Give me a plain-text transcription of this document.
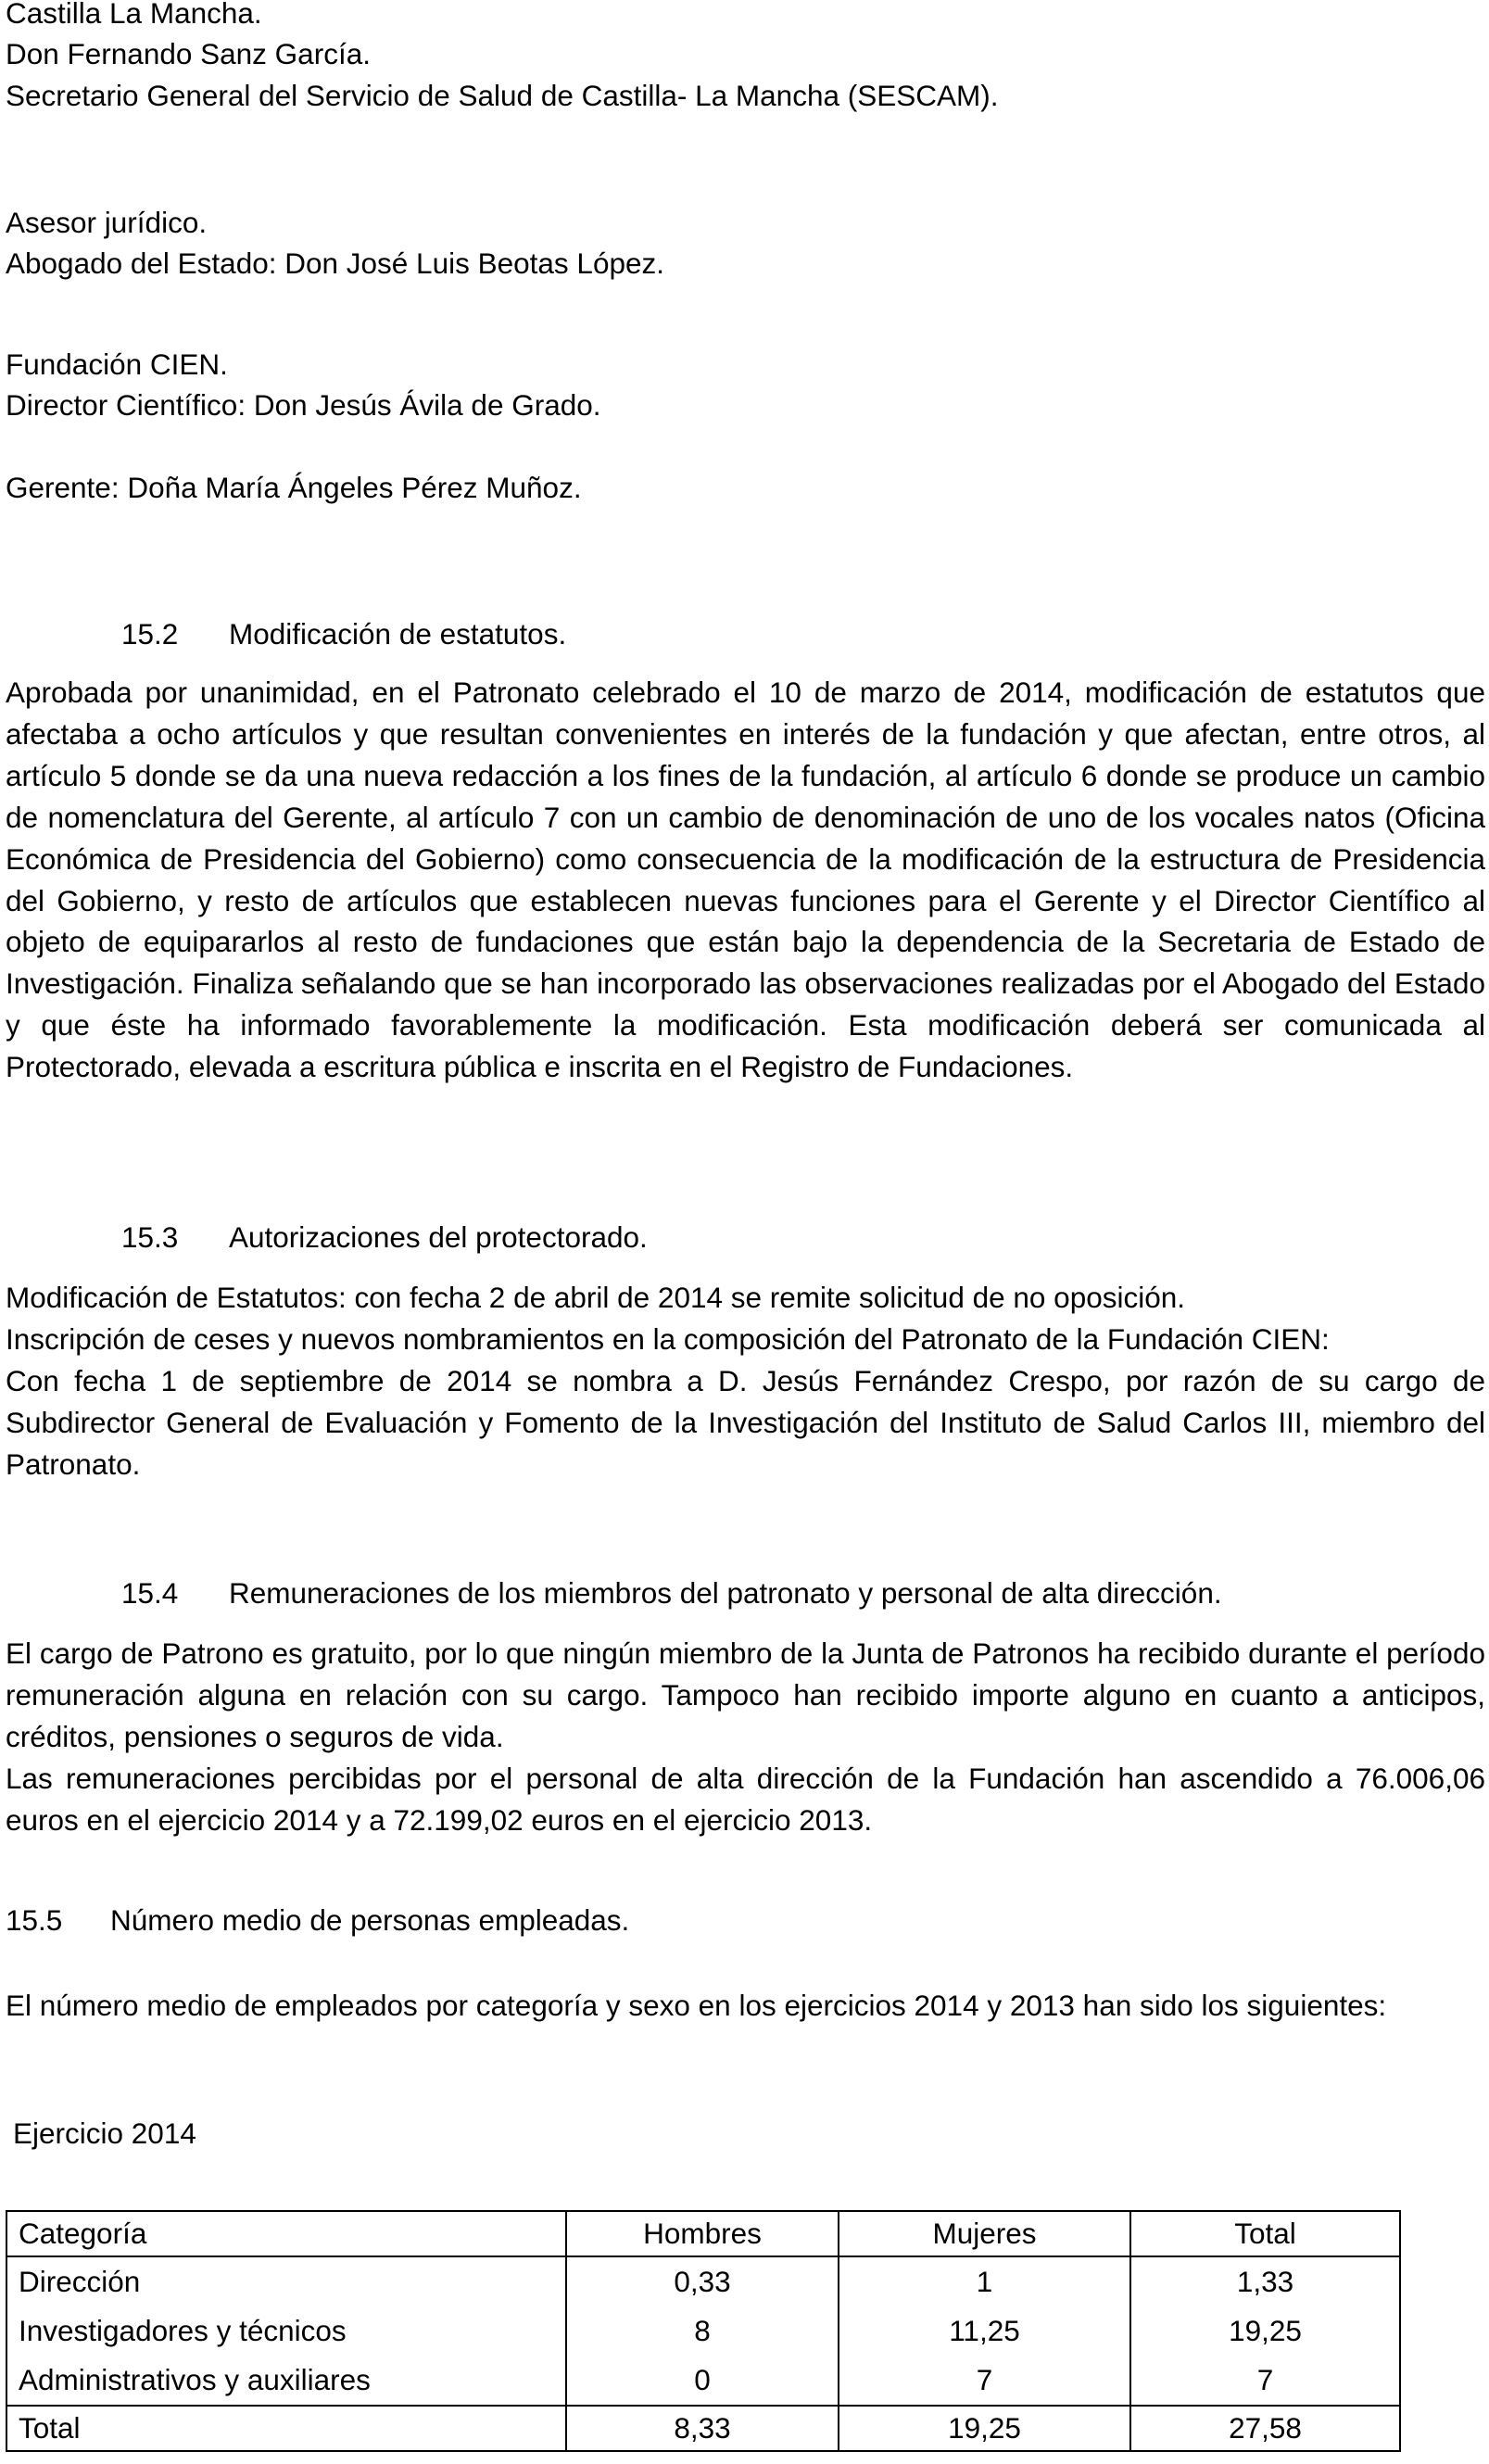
Castilla La Mancha.
Don Fernando Sanz García.
Secretario General del Servicio de Salud de Castilla- La Mancha (SESCAM).
Asesor jurídico.
Abogado del Estado: Don José Luis Beotas López.
Fundación CIEN.
Director Científico: Don Jesús Ávila de Grado.
Gerente: Doña María Ángeles Pérez Muñoz.
15.2 Modificación de estatutos.

Aprobada por unanimidad, en el Patronato celebrado el 10 de marzo de 2014, modificación de estatutos que afectaba a ocho artículos y que resultan convenientes en interés de la fundación y que afectan, entre otros, al artículo 5 donde se da una nueva redacción a los fines de la fundación, al artículo 6 donde se produce un cambio de nomenclatura del Gerente, al artículo 7 con un cambio de denominación de uno de los vocales natos (Oficina Económica de Presidencia del Gobierno) como consecuencia de la modificación de la estructura de Presidencia del Gobierno, y resto de artículos que establecen nuevas funciones para el Gerente y el Director Científico al objeto de equipararlos al resto de fundaciones que están bajo la dependencia de la Secretaria de Estado de Investigación. Finaliza señalando que se han incorporado las observaciones realizadas por el Abogado del Estado y que éste ha informado favorablemente la modificación. Esta modificación deberá ser comunicada al Protectorado, elevada a escritura pública e inscrita en el Registro de Fundaciones.

15.3 Autorizaciones del protectorado.

Modificación de Estatutos: con fecha 2 de abril de 2014 se remite solicitud de no oposición.

Inscripción de ceses y nuevos nombramientos en la composición del Patronato de la Fundación CIEN:

Con fecha 1 de septiembre de 2014 se nombra a D. Jesús Fernández Crespo, por razón de su cargo de Subdirector General de Evaluación y Fomento de la Investigación del Instituto de Salud Carlos III, miembro del Patronato.

15.4 Remuneraciones de los miembros del patronato y personal de alta dirección.

El cargo de Patrono es gratuito, por lo que ningún miembro de la Junta de Patronos ha recibido durante el período remuneración alguna en relación con su cargo. Tampoco han recibido importe alguno en cuanto a anticipos, créditos, pensiones o seguros de vida.

Las remuneraciones percibidas por el personal de alta dirección de la Fundación han ascendido a 76.006,06 euros en el ejercicio 2014 y a 72.199,02 euros en el ejercicio 2013.

15.5 Número medio de personas empleadas.

El número medio de empleados por categoría y sexo en los ejercicios 2014 y 2013 han sido los siguientes:

Ejercicio 2014
Categoría	Hombres	Mujeres	Total
Dirección	0,33	1	1,33
Investigadores y técnicos	8	11,25	19,25
Administrativos y auxiliares	0	7	7
Total	8,33	19,25	27,58
